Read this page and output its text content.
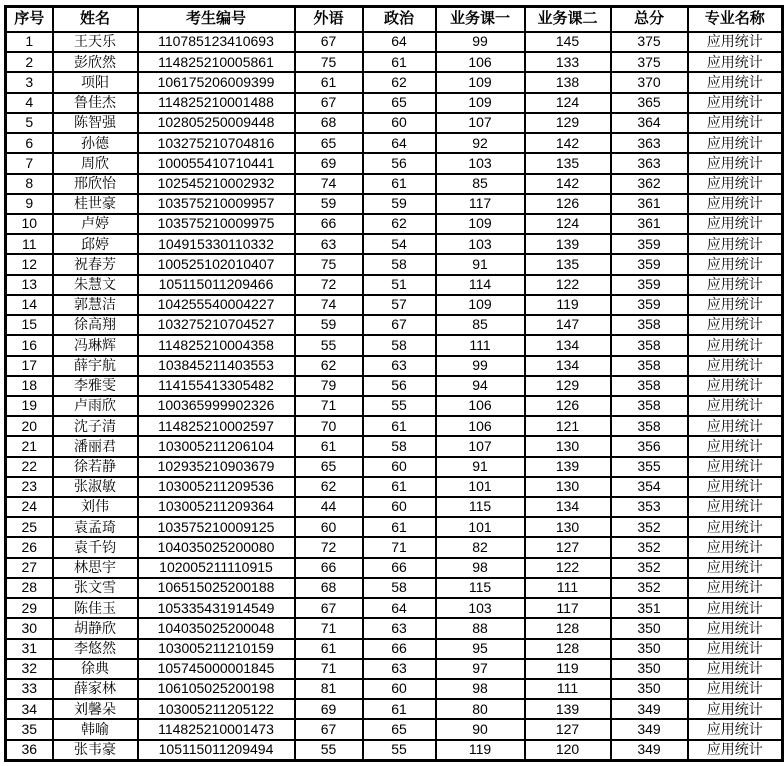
序号	姓名	考生编号	外语	政治	业务课一	业务课二	总分	专业名称
1	王天乐	110785123410693	67	64	99	145	375	应用统计
2	彭欣然	114825210005861	75	61	106	133	375	应用统计
3	项阳	106175206009399	61	62	109	138	370	应用统计
4	鲁佳杰	114825210001488	67	65	109	124	365	应用统计
5	陈智强	102805250009448	68	60	107	129	364	应用统计
6	孙德	103275210704816	65	64	92	142	363	应用统计
7	周欣	100055410710441	69	56	103	135	363	应用统计
8	邢欣怡	102545210002932	74	61	85	142	362	应用统计
9	桂世豪	103575210009957	59	59	117	126	361	应用统计
10	卢婷	103575210009975	66	62	109	124	361	应用统计
11	邱婷	104915330110332	63	54	103	139	359	应用统计
12	祝春芳	100525102010407	75	58	91	135	359	应用统计
13	朱慧文	105115011209466	72	51	114	122	359	应用统计
14	郭慧洁	104255540004227	74	57	109	119	359	应用统计
15	徐高翔	103275210704527	59	67	85	147	358	应用统计
16	冯琳辉	114825210004358	55	58	111	134	358	应用统计
17	薛宇航	103845211403553	62	63	99	134	358	应用统计
18	李雅雯	114155413305482	79	56	94	129	358	应用统计
19	卢雨欣	100365999902326	71	55	106	126	358	应用统计
20	沈子清	114825210002597	70	61	106	121	358	应用统计
21	潘丽君	103005211206104	61	58	107	130	356	应用统计
22	徐若静	102935210903679	65	60	91	139	355	应用统计
23	张淑敏	103005211209536	62	61	101	130	354	应用统计
24	刘伟	103005211209364	44	60	115	134	353	应用统计
25	袁孟琦	103575210009125	60	61	101	130	352	应用统计
26	袁千钧	104035025200080	72	71	82	127	352	应用统计
27	林思宇	102005211110915	66	66	98	122	352	应用统计
28	张文雪	106515025200188	68	58	115	111	352	应用统计
29	陈佳玉	105335431914549	67	64	103	117	351	应用统计
30	胡静欣	104035025200048	71	63	88	128	350	应用统计
31	李悠然	103005211210159	61	66	95	128	350	应用统计
32	徐典	105745000001845	71	63	97	119	350	应用统计
33	薛家林	106105025200198	81	60	98	111	350	应用统计
34	刘馨朵	103005211205122	69	61	80	139	349	应用统计
35	韩喻	114825210001473	67	65	90	127	349	应用统计
36	张韦豪	105115011209494	55	55	119	120	349	应用统计
